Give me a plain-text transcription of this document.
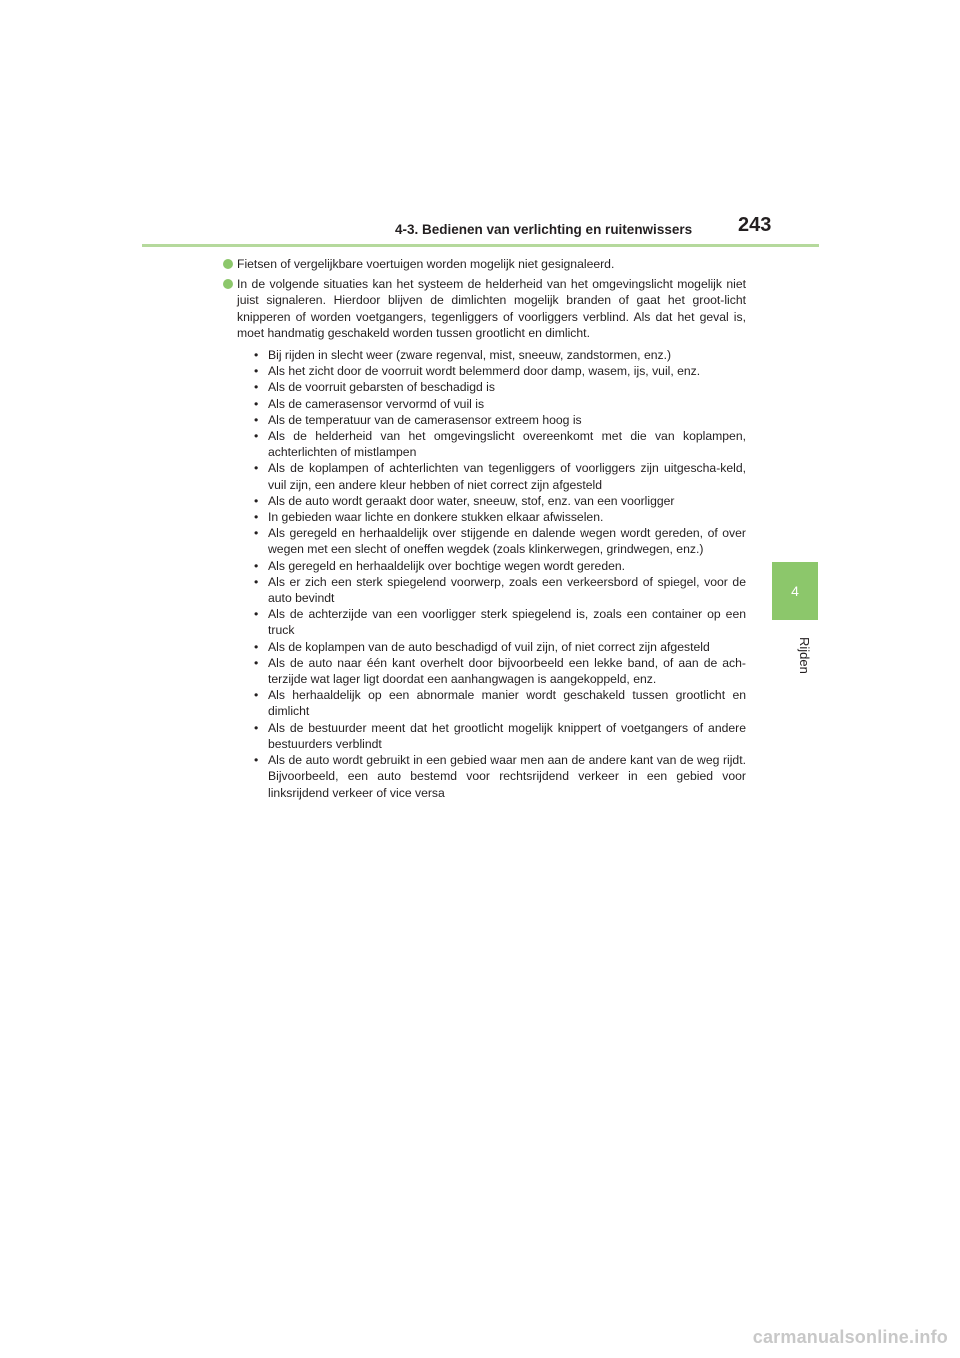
4-3. Bedienen van verlichting en ruitenwissers 243
4
Rijden
Fietsen of vergelijkbare voertuigen worden mogelijk niet gesignaleerd.
In de volgende situaties kan het systeem de helderheid van het omgevingslicht mogelijk niet juist signaleren. Hierdoor blijven de dimlichten mogelijk branden of gaat het groot-licht knipperen of worden voetgangers, tegenliggers of voorliggers verblind. Als dat het geval is, moet handmatig geschakeld worden tussen grootlicht en dimlicht.
• Bij rijden in slecht weer (zware regenval, mist, sneeuw, zandstormen, enz.)
• Als het zicht door de voorruit wordt belemmerd door damp, wasem, ijs, vuil, enz.
• Als de voorruit gebarsten of beschadigd is
• Als de camerasensor vervormd of vuil is
• Als de temperatuur van de camerasensor extreem hoog is
• Als de helderheid van het omgevingslicht overeenkomt met die van koplampen, achterlichten of mistlampen
• Als de koplampen of achterlichten van tegenliggers of voorliggers zijn uitgescha-keld, vuil zijn, een andere kleur hebben of niet correct zijn afgesteld
• Als de auto wordt geraakt door water, sneeuw, stof, enz. van een voorligger
• In gebieden waar lichte en donkere stukken elkaar afwisselen.
• Als geregeld en herhaaldelijk over stijgende en dalende wegen wordt gereden, of over wegen met een slecht of oneffen wegdek (zoals klinkerwegen, grindwegen, enz.)
• Als geregeld en herhaaldelijk over bochtige wegen wordt gereden.
• Als er zich een sterk spiegelend voorwerp, zoals een verkeersbord of spiegel, voor de auto bevindt
• Als de achterzijde van een voorligger sterk spiegelend is, zoals een container op een truck
• Als de koplampen van de auto beschadigd of vuil zijn, of niet correct zijn afgesteld
• Als de auto naar één kant overhelt door bijvoorbeeld een lekke band, of aan de ach-terzijde wat lager ligt doordat een aanhangwagen is aangekoppeld, enz.
• Als herhaaldelijk op een abnormale manier wordt geschakeld tussen grootlicht en dimlicht
• Als de bestuurder meent dat het grootlicht mogelijk knippert of voetgangers of andere bestuurders verblindt
• Als de auto wordt gebruikt in een gebied waar men aan de andere kant van de weg rijdt. Bijvoorbeeld, een auto bestemd voor rechtsrijdend verkeer in een gebied voor linksrijdend verkeer of vice versa
carmanualsonline.info
